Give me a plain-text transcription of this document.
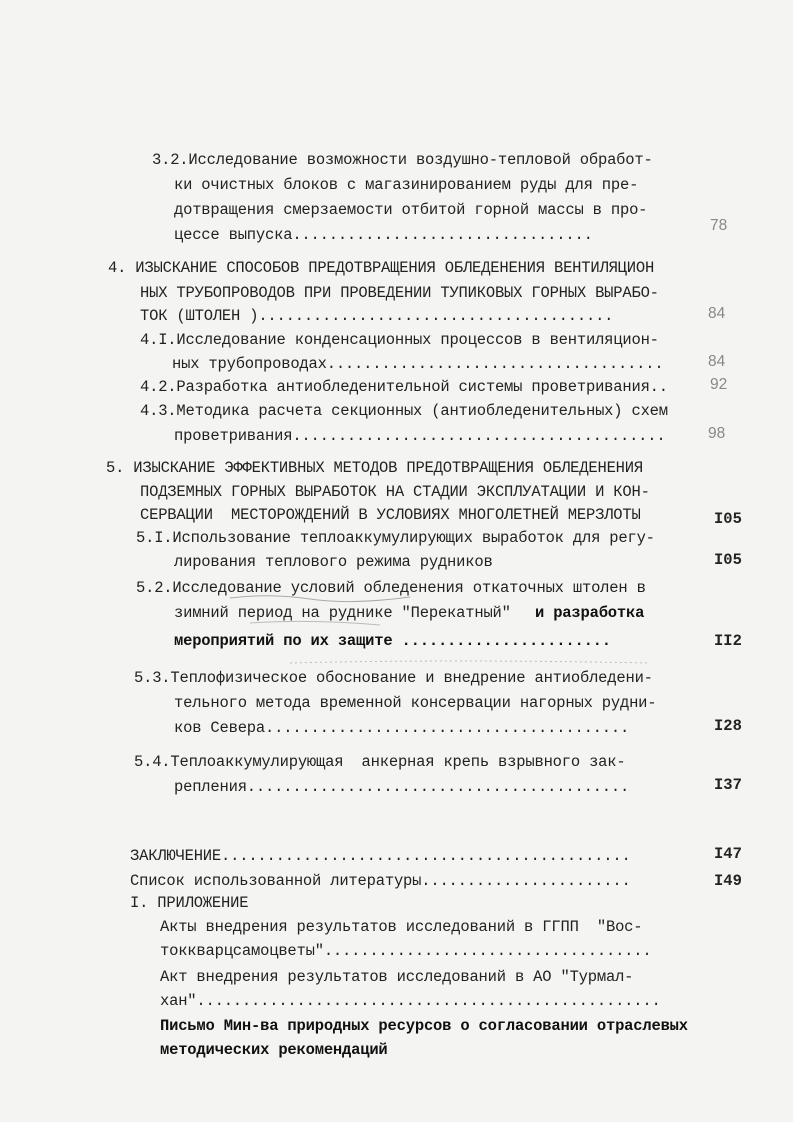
3.2.Исследование возможности воздушно-тепловой обработ-
ки очистных блоков с магазинированием руды для пре-
дотвращения смерзаемости отбитой горной массы в про-
цессе выпуска.................................
78
4. ИЗЫСКАНИЕ СПОСОБОВ ПРЕДОТВРАЩЕНИЯ ОБЛЕДЕНЕНИЯ ВЕНТИЛЯЦИОН
НЫХ ТРУБОПРОВОДОВ ПРИ ПРОВЕДЕНИИ ТУПИКОВЫХ ГОРНЫХ ВЫРАБО-
ТОК (ШТОЛЕН ).......................................	84
4.I.Исследование конденсационных процессов в вентиляцион-
ных трубопроводах.....................................	84
4.2.Разработка антиобледенительной системы проветривания..	92
4.3.Методика расчета секционных (антиобледенительных) схем
проветривания.........................................	98
5. ИЗЫСКАНИЕ ЭФФЕКТИВНЫХ МЕТОДОВ ПРЕДОТВРАЩЕНИЯ ОБЛЕДЕНЕНИЯ
ПОДЗЕМНЫХ ГОРНЫХ ВЫРАБОТОК НА СТАДИИ ЭКСПЛУАТАЦИИ И КОН-
СЕРВАЦИИ  МЕСТОРОЖДЕНИЙ В УСЛОВИЯХ МНОГОЛЕТНЕЙ МЕРЗЛОТЫ	I05
5.I.Использование теплоаккумулирующих выработок для регу-
лирования теплового режима рудников	I05
5.2.Исследование условий обледенения откаточных штолен в
зимний период на руднике "Перекатный" и разработка
мероприятий по их защите .......................	II2
5.3.Теплофизическое обоснование и внедрение антиобледени-
тельного метода временной консервации нагорных рудни-
ков Севера........................................	I28
5.4.Теплоаккумулирующая  анкерная крепь взрывного зак-
репления..........................................	I37
ЗАКЛЮЧЕНИЕ.............................................	I47
Список использованной литературы.......................	I49
I. ПРИЛОЖЕНИЕ
Акты внедрения результатов исследований в ГГПП  "Вос-
токкварцсамоцветы"....................................
Акт внедрения результатов исследований в АО "Турмал-
хан"...................................................
Письмо Мин-ва природных ресурсов о согласовании отраслевых
методических рекомендаций
